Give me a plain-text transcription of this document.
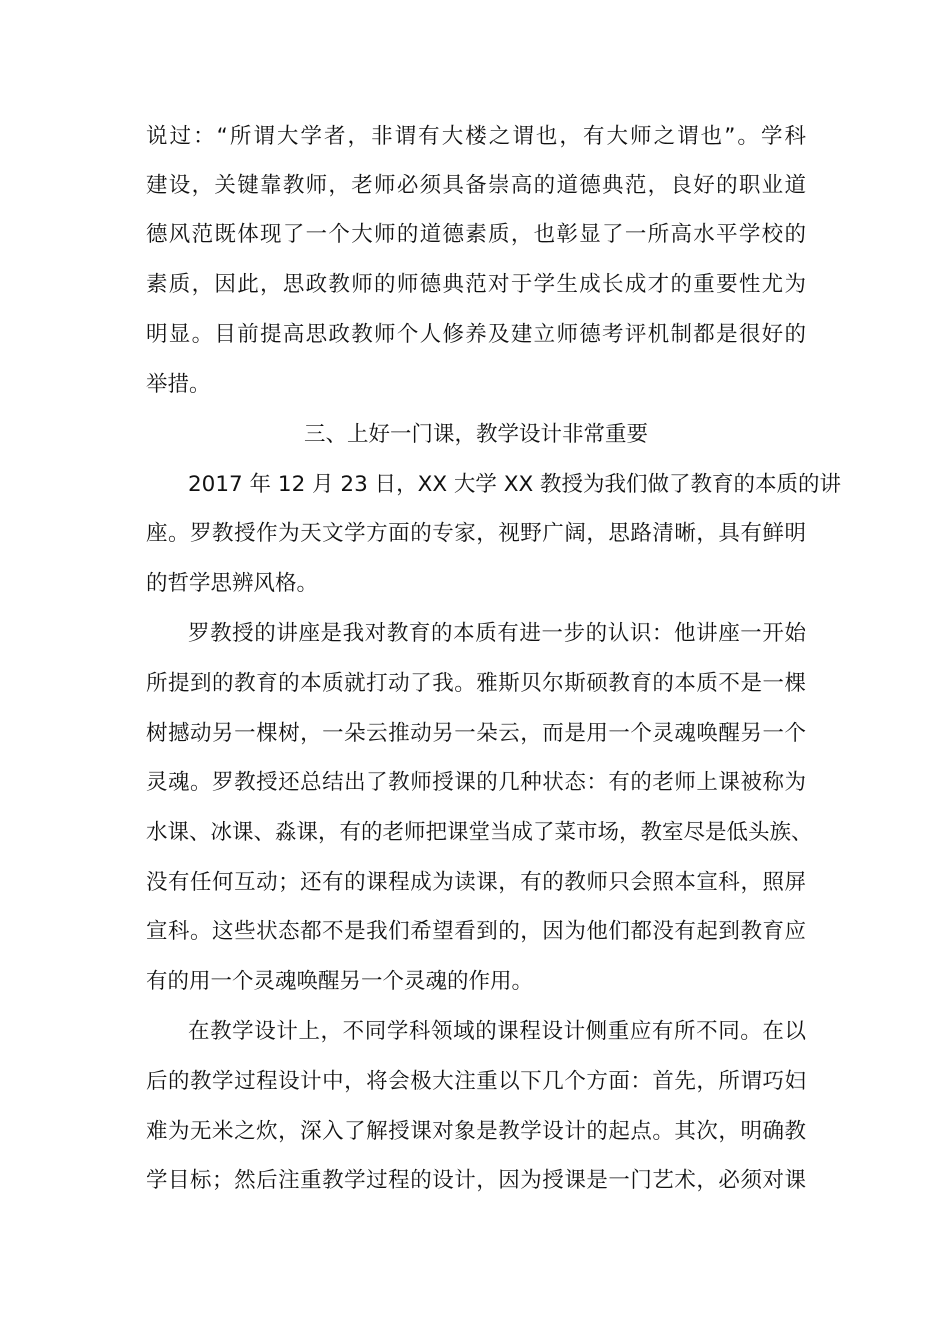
说过：“所谓大学者，非谓有大楼之谓也，有大师之谓也”。学科
建设，关键靠教师，老师必须具备崇高的道德典范，良好的职业道
德风范既体现了一个大师的道德素质，也彰显了一所高水平学校的
素质，因此，思政教师的师德典范对于学生成长成才的重要性尤为
明显。目前提高思政教师个人修养及建立师德考评机制都是很好的
举措。
三、上好一门课，教学设计非常重要
2017 年 12 月 23 日，XX 大学 XX 教授为我们做了教育的本质的讲
座。罗教授作为天文学方面的专家，视野广阔，思路清晰，具有鲜明
的哲学思辨风格。
罗教授的讲座是我对教育的本质有进一步的认识：他讲座一开始
所提到的教育的本质就打动了我。雅斯贝尔斯硕教育的本质不是一棵
树撼动另一棵树，一朵云推动另一朵云，而是用一个灵魂唤醒另一个
灵魂。罗教授还总结出了教师授课的几种状态：有的老师上课被称为
水课、冰课、淼课，有的老师把课堂当成了菜市场，教室尽是低头族、
没有任何互动；还有的课程成为读课，有的教师只会照本宣科，照屏
宣科。这些状态都不是我们希望看到的，因为他们都没有起到教育应
有的用一个灵魂唤醒另一个灵魂的作用。
在教学设计上，不同学科领域的课程设计侧重应有所不同。在以
后的教学过程设计中，将会极大注重以下几个方面：首先，所谓巧妇
难为无米之炊，深入了解授课对象是教学设计的起点。其次，明确教
学目标；然后注重教学过程的设计，因为授课是一门艺术，必须对课
